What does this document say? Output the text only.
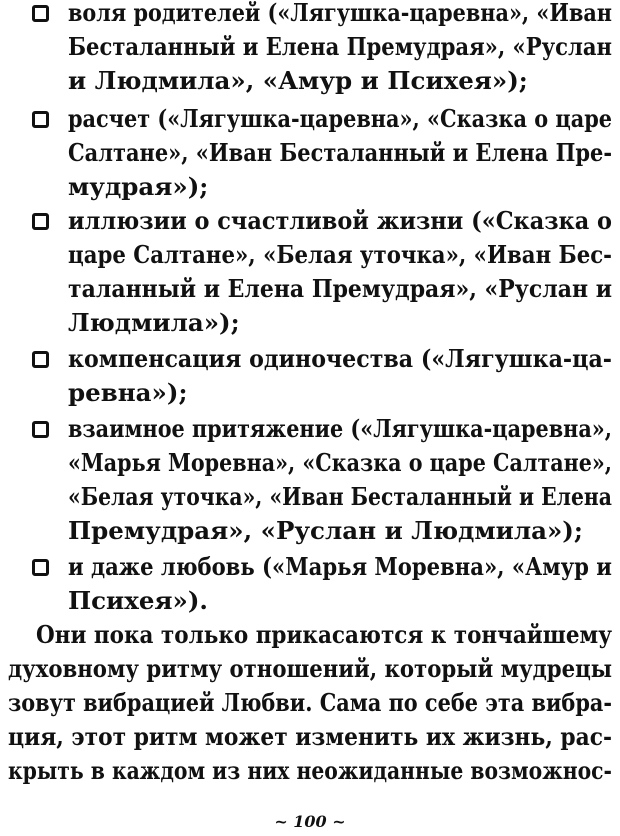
воля родителей («Лягушка-царевна», «Иван
Бесталанный и Елена Премудрая», «Руслан
и Людмила», «Амур и Психея»);
расчет («Лягушка-царевна», «Сказка о царе
Салтане», «Иван Бесталанный и Елена Пре-
мудрая»);
иллюзии о счастливой жизни («Сказка о
царе Салтане», «Белая уточка», «Иван Бес-
таланный и Елена Премудрая», «Руслан и
Людмила»);
компенсация одиночества («Лягушка-ца-
ревна»);
взаимное притяжение («Лягушка-царевна»,
«Марья Моревна», «Сказка о царе Салтане»,
«Белая уточка», «Иван Бесталанный и Елена
Премудрая», «Руслан и Людмила»);
и даже любовь («Марья Моревна», «Амур и
Психея»).
Они пока только прикасаются к тончайшему
духовному ритму отношений, который мудрецы
зовут вибрацией Любви. Сама по себе эта вибра-
ция, этот ритм может изменить их жизнь, рас-
крыть в каждом из них неожиданные возможнос-
~ 100 ~
